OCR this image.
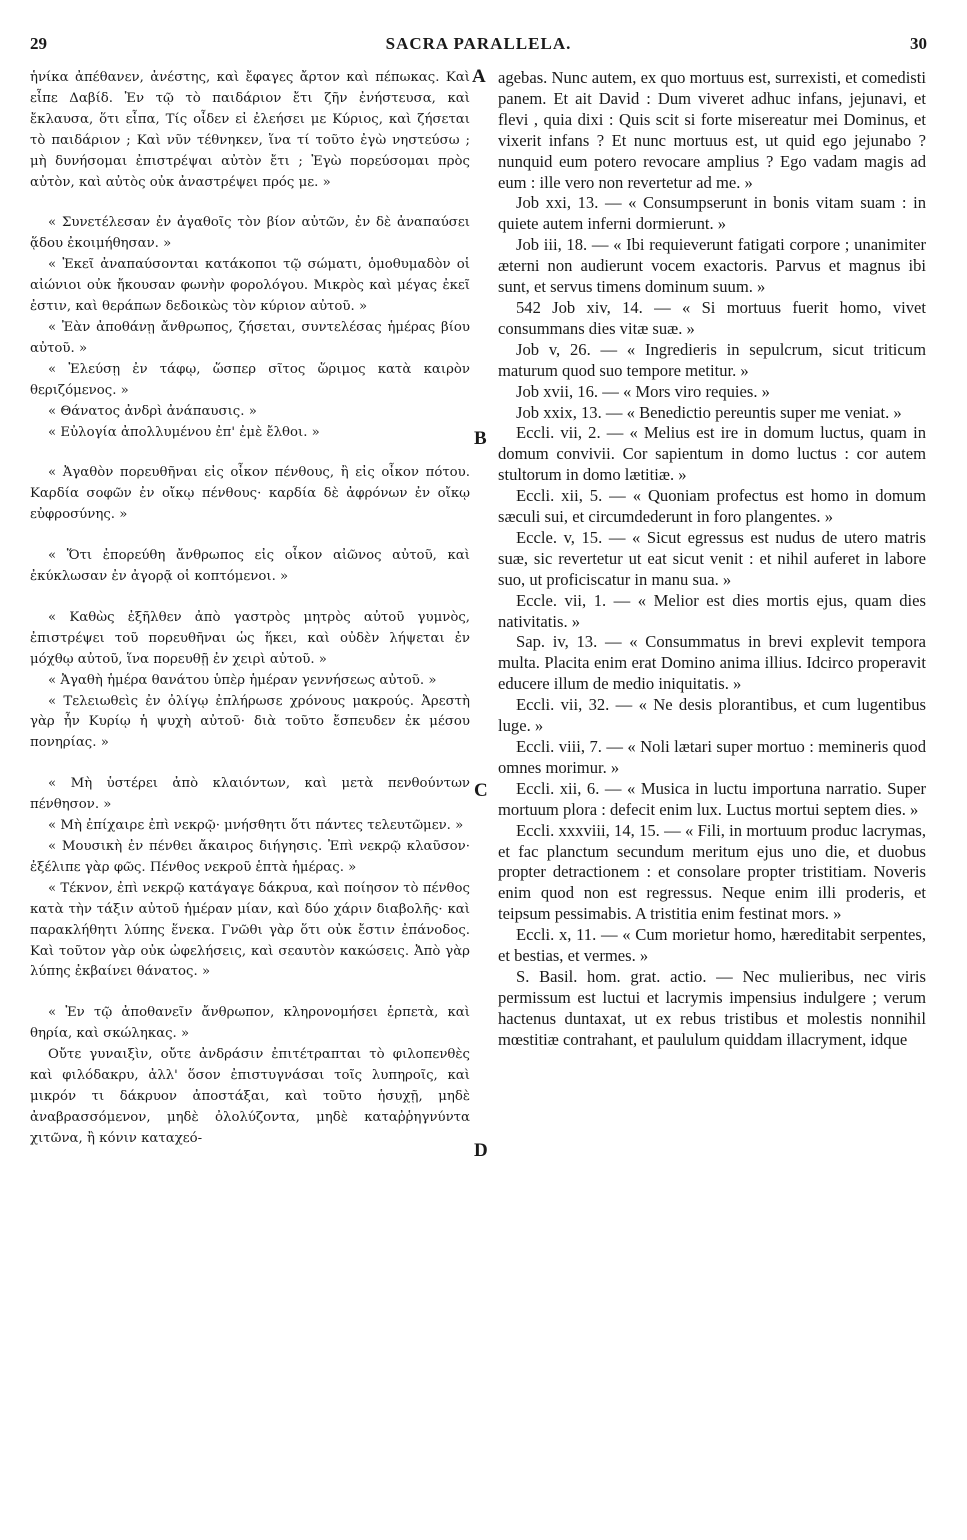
29	SACRA PARALLELA.	30
A
B
C
D

ἡνίκα ἀπέθανεν, ἀνέστης, καὶ ἔφαγες ἄρτον καὶ πέπωκας. Καὶ εἶπε Δαβίδ. Ἐν τῷ τὸ παιδάριον ἔτι ζῆν ἐνήστευσα, καὶ ἔκλαυσα, ὅτι εἶπα, Τίς οἶδεν εἰ ἐλεήσει με Κύριος, καὶ ζήσεται τὸ παιδάριον ; Καὶ νῦν τέθνηκεν, ἵνα τί τοῦτο ἐγὼ νηστεύσω ; μὴ δυνήσομαι ἐπιστρέψαι αὐτὸν ἔτι ; Ἐγὼ πορεύσομαι πρὸς αὐτὸν, καὶ αὐτὸς οὐκ ἀναστρέψει πρός με. »

« Συνετέλεσαν ἐν ἀγαθοῖς τὸν βίον αὐτῶν, ἐν δὲ ἀναπαύσει ᾅδου ἐκοιμήθησαν. »

« Ἐκεῖ ἀναπαύσονται κατάκοποι τῷ σώματι, ὁμοθυμαδὸν οἱ αἰώνιοι οὐκ ἤκουσαν φωνὴν φορολόγου. Μικρὸς καὶ μέγας ἐκεῖ ἐστιν, καὶ θεράπων δεδοικὼς τὸν κύριον αὐτοῦ. »

« Ἐὰν ἀποθάνῃ ἄνθρωπος, ζήσεται, συντελέσας ἡμέρας βίου αὐτοῦ. »

« Ἐλεύσῃ ἐν τάφῳ, ὥσπερ σῖτος ὥριμος κατὰ καιρὸν θεριζόμενος. »

« Θάνατος ἀνδρὶ ἀνάπαυσις. »

« Εὐλογία ἀπολλυμένου ἐπ' ἐμὲ ἔλθοι. »

« Ἀγαθὸν πορευθῆναι εἰς οἶκον πένθους, ἢ εἰς οἶκον πότου. Καρδία σοφῶν ἐν οἴκῳ πένθους· καρδία δὲ ἀφρόνων ἐν οἴκῳ εὐφροσύνης. »

« Ὅτι ἐπορεύθη ἄνθρωπος εἰς οἶκον αἰῶνος αὐτοῦ, καὶ ἐκύκλωσαν ἐν ἀγορᾷ οἱ κοπτόμενοι. »

« Καθὼς ἐξῆλθεν ἀπὸ γαστρὸς μητρὸς αὐτοῦ γυμνὸς, ἐπιστρέψει τοῦ πορευθῆναι ὡς ἥκει, καὶ οὐδὲν λήψεται ἐν μόχθῳ αὐτοῦ, ἵνα πορευθῇ ἐν χειρὶ αὐτοῦ. »

« Ἀγαθὴ ἡμέρα θανάτου ὑπὲρ ἡμέραν γεννήσεως αὐτοῦ. »

« Τελειωθεὶς ἐν ὀλίγῳ ἐπλήρωσε χρόνους μακρούς. Ἀρεστὴ γὰρ ἦν Κυρίῳ ἡ ψυχὴ αὐτοῦ· διὰ τοῦτο ἔσπευδεν ἐκ μέσου πονηρίας. »

« Μὴ ὑστέρει ἀπὸ κλαιόντων, καὶ μετὰ πενθούντων πένθησον. »

« Μὴ ἐπίχαιρε ἐπὶ νεκρῷ· μνήσθητι ὅτι πάντες τελευτῶμεν. »

« Μουσικὴ ἐν πένθει ἄκαιρος διήγησις. Ἐπὶ νεκρῷ κλαῦσον· ἐξέλιπε γὰρ φῶς. Πένθος νεκροῦ ἑπτὰ ἡμέρας. »

« Τέκνον, ἐπὶ νεκρῷ κατάγαγε δάκρυα, καὶ ποίησον τὸ πένθος κατὰ τὴν τάξιν αὐτοῦ ἡμέραν μίαν, καὶ δύο χάριν διαβολῆς· καὶ παρακλήθητι λύπης ἕνεκα. Γνῶθι γὰρ ὅτι οὐκ ἔστιν ἐπάνοδος. Καὶ τοῦτον γὰρ οὐκ ὠφελήσεις, καὶ σεαυτὸν κακώσεις. Ἀπὸ γὰρ λύπης ἐκβαίνει θάνατος. »

« Ἐν τῷ ἀποθανεῖν ἄνθρωπον, κληρονομήσει ἑρπετὰ, καὶ θηρία, καὶ σκώληκας. »

Οὔτε γυναιξὶν, οὔτε ἀνδράσιν ἐπιτέτραπται τὸ φιλοπενθὲς καὶ φιλόδακρυ, ἀλλ' ὅσον ἐπιστυγνάσαι τοῖς λυπηροῖς, καὶ μικρόν τι δάκρυον ἀποστάξαι, καὶ τοῦτο ἡσυχῇ, μηδὲ ἀναβρασσόμενον, μηδὲ ὀλολύζοντα, μηδὲ καταῤῥηγνύντα χιτῶνα, ἢ κόνιν καταχεό-

agebas. Nunc autem, ex quo mortuus est, surrexisti, et comedisti panem. Et ait David : Dum viveret adhuc infans, jejunavi, et flevi , quia dixi : Quis scit si forte misereatur mei Dominus, et vixerit infans ? Et nunc mortuus est, ut quid ego jejunabo ? nunquid eum potero revocare amplius ? Ego vadam magis ad eum : ille vero non revertetur ad me. »

Job xxi, 13. — « Consumpserunt in bonis vitam suam : in quiete autem inferni dormierunt. »

Job iii, 18. — « Ibi requieverunt fatigati corpore ; unanimiter æterni non audierunt vocem exactoris. Parvus et magnus ibi sunt, et servus timens dominum suum. »

542 Job xiv, 14. — « Si mortuus fuerit homo, vivet consummans dies vitæ suæ. »

Job v, 26. — « Ingredieris in sepulcrum, sicut triticum maturum quod suo tempore metitur. »

Job xvii, 16. — « Mors viro requies. »

Job xxix, 13. — « Benedictio pereuntis super me veniat. »

Eccli. vii, 2. — « Melius est ire in domum luctus, quam in domum convivii. Cor sapientum in domo luctus : cor autem stultorum in domo lætitiæ. »

Eccli. xii, 5. — « Quoniam profectus est homo in domum sæculi sui, et circumdederunt in foro plangentes. »

Eccle. v, 15. — « Sicut egressus est nudus de utero matris suæ, sic revertetur ut eat sicut venit : et nihil auferet in labore suo, ut proficiscatur in manu sua. »

Eccle. vii, 1. — « Melior est dies mortis ejus, quam dies nativitatis. »

Sap. iv, 13. — « Consummatus in brevi explevit tempora multa. Placita enim erat Domino anima illius. Idcirco properavit educere illum de medio iniquitatis. »

Eccli. vii, 32. — « Ne desis plorantibus, et cum lugentibus luge. »

Eccli. viii, 7. — « Noli lætari super mortuo : memineris quod omnes morimur. »

Eccli. xii, 6. — « Musica in luctu importuna narratio. Super mortuum plora : defecit enim lux. Luctus mortui septem dies. »

Eccli. xxxviii, 14, 15. — « Fili, in mortuum produc lacrymas, et fac planctum secundum meritum ejus uno die, et duobus propter detractionem : et consolare propter tristitiam. Noveris enim quod non est regressus. Neque enim illi proderis, et teipsum pessimabis. A tristitia enim festinat mors. »

Eccli. x, 11. — « Cum morietur homo, hæreditabit serpentes, et bestias, et vermes. »

S. Basil. hom. grat. actio. — Nec mulieribus, nec viris permissum est luctui et lacrymis impensius indulgere ; verum hactenus duntaxat, ut ex rebus tristibus et molestis nonnihil mœstitiæ contrahant, et paululum quiddam illacryment, idque
